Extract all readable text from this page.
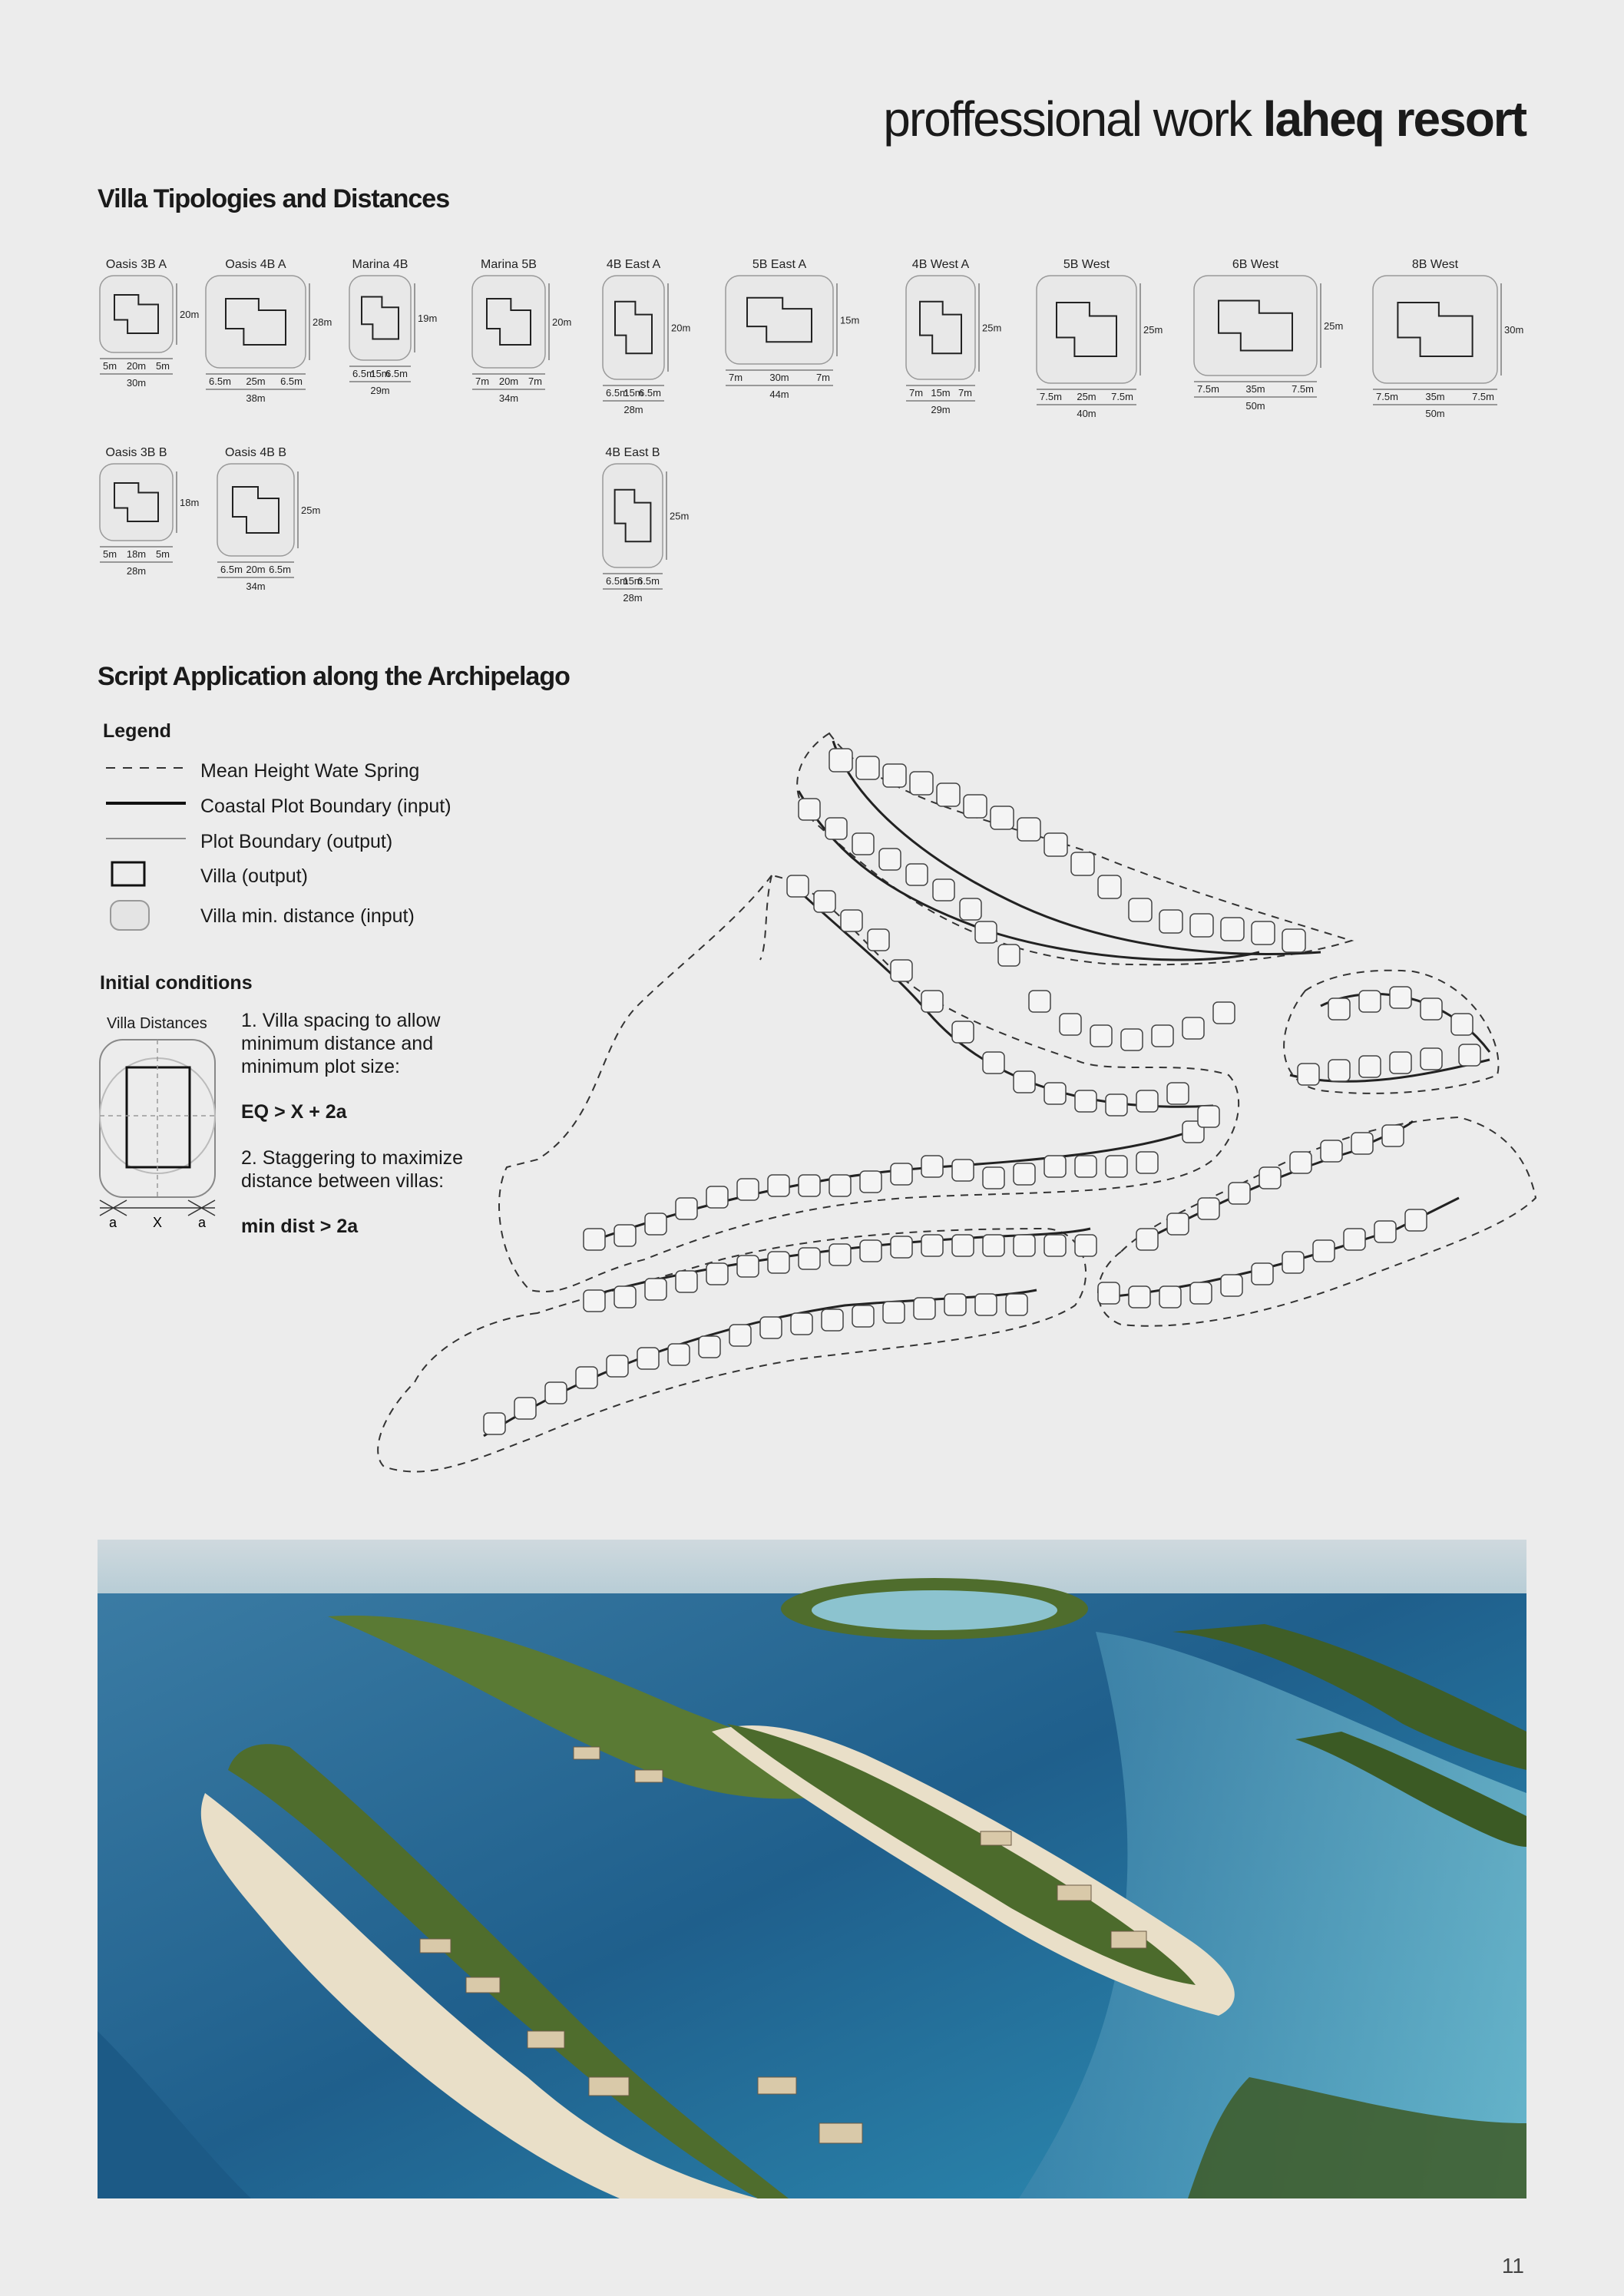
proffessional work laheq resort
Villa Tipologies and Distances
Oasis 3B A
20m
5m 20m 5m
30m
Oasis 4B A
28m
6.5m 25m 6.5m
38m
Marina 4B
19m
6.5m
15m
6.5m
29m
Marina 5B
20m
7m 20m 7m
34m
4B East A
20m
6.5m
15m
6.5m
28m
5B East A
15m
7m	30m	7m
44m
4B West A
25m
7m 15m 7m
29m
5B West
25m
7.5m 25m 7.5m
40m
6B West
25m
7.5m	35m	7.5m
50m
8B West
30m
7.5m	35m	7.5m
50m
Oasis 3B B
18m
5m 18m 5m
28m
Oasis 4B B
25m
6.5m 20m 6.5m
34m
4B East B
25m
6.5m
15m
6.5m
28m
Script Application along the Archipelago
Legend
Mean Height Wate Spring
Coastal Plot Boundary (input)
Plot Boundary (output)
Villa (output)
Villa min. distance (input)
Initial conditions
Villa Distances
a	X	a
1. Villa spacing to allow minimum distance and minimum plot size:
EQ > X + 2a
2. Staggering to maximize distance between villas:
min dist > 2a
11
